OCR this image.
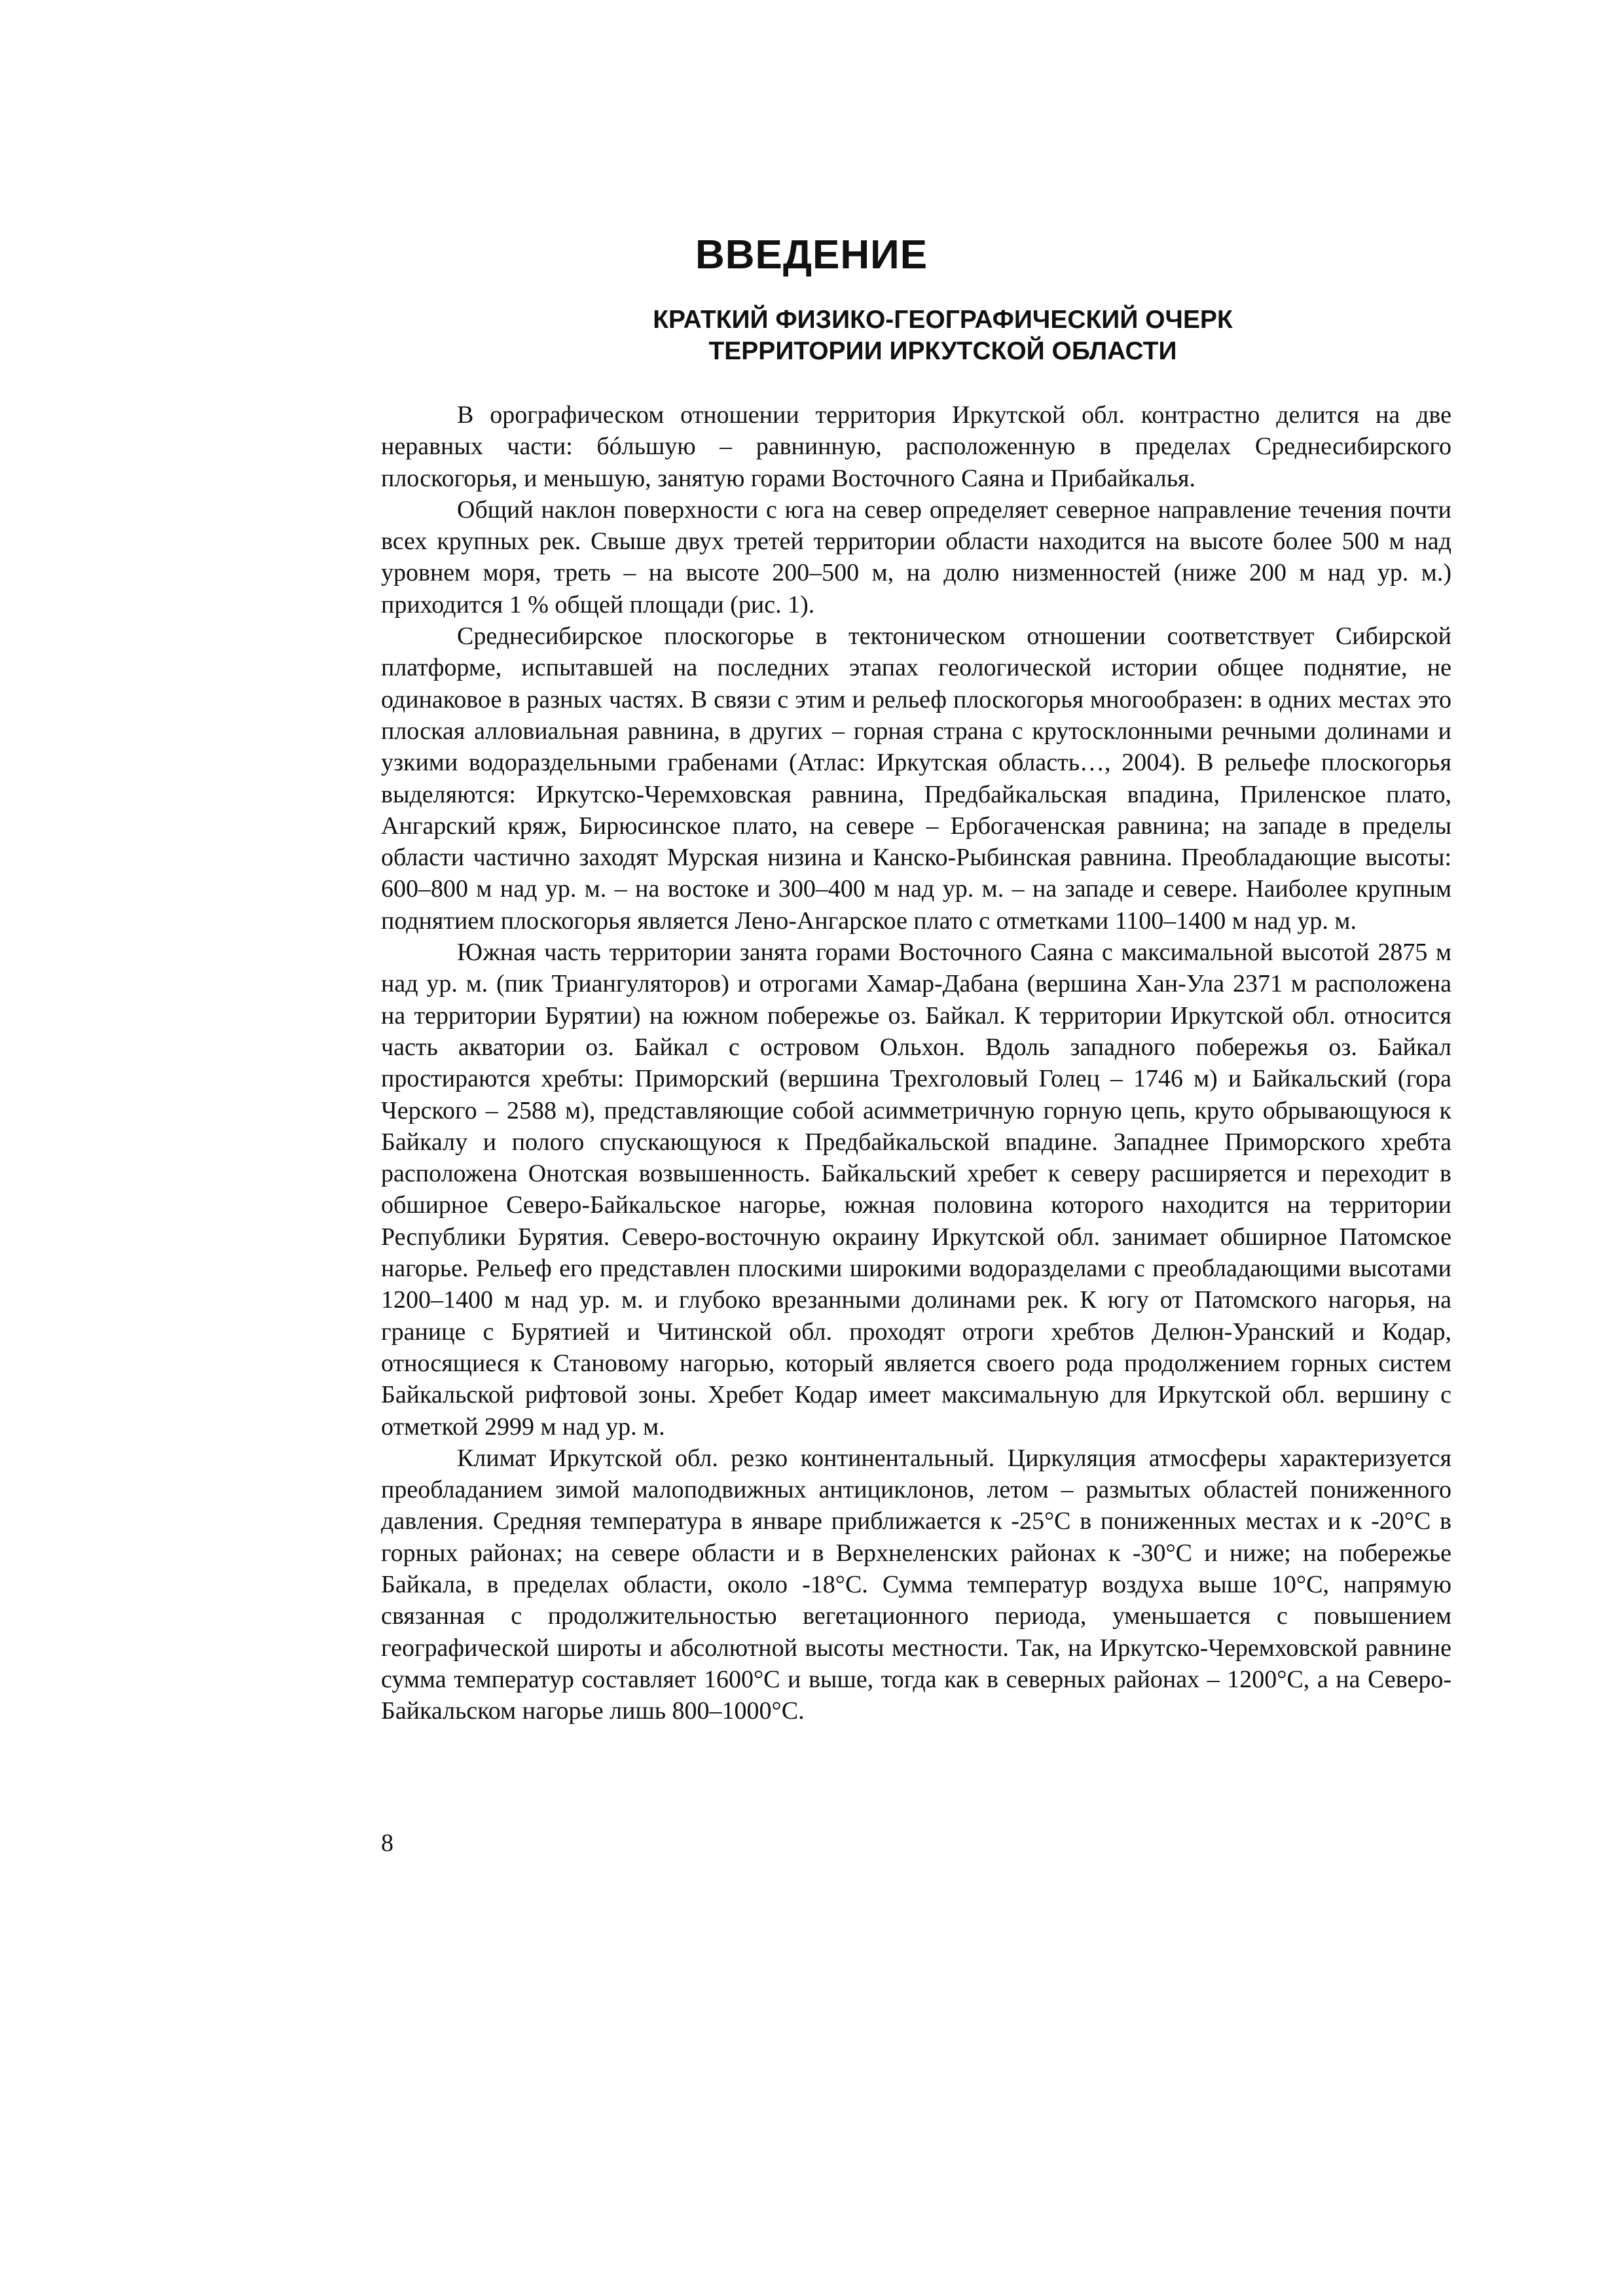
ВВЕДЕНИЕ
КРАТКИЙ ФИЗИКО-ГЕОГРАФИЧЕСКИЙ ОЧЕРК
ТЕРРИТОРИИ ИРКУТСКОЙ ОБЛАСТИ

В орографическом отношении территория Иркутской обл. контрастно делится на две неравных части: бóльшую – равнинную, расположенную в пределах Среднесибирского плоскогорья, и меньшую, занятую горами Восточного Саяна и Прибайкалья.

Общий наклон поверхности с юга на север определяет северное направление течения почти всех крупных рек. Свыше двух третей территории области находится на высоте более 500 м над уровнем моря, треть – на высоте 200–500 м, на долю низменностей (ниже 200 м над ур. м.) приходится 1 % общей площади (рис. 1).

Среднесибирское плоскогорье в тектоническом отношении соответствует Сибирской платформе, испытавшей на последних этапах геологической истории общее поднятие, не одинаковое в разных частях. В связи с этим и рельеф плоскогорья многообразен: в одних местах это плоская алловиальная равнина, в других – горная страна с крутосклонными речными долинами и узкими водораздельными грабенами (Атлас: Иркутская область…, 2004). В рельефе плоскогорья выделяются: Иркутско-Черемховская равнина, Предбайкальская впадина, Приленское плато, Ангарский кряж, Бирюсинское плато, на севере – Ербогаченская равнина; на западе в пределы области частично заходят Мурская низина и Канско-Рыбинская равнина. Преобладающие высоты: 600–800 м над ур. м. – на востоке и 300–400 м над ур. м. – на западе и севере. Наиболее крупным поднятием плоскогорья является Лено-Ангарское плато с отметками 1100–1400 м над ур. м.

Южная часть территории занята горами Восточного Саяна с максимальной высотой 2875 м над ур. м. (пик Триангуляторов) и отрогами Хамар-Дабана (вершина Хан-Ула 2371 м расположена на территории Бурятии) на южном побережье оз. Байкал. К территории Иркутской обл. относится часть акватории оз. Байкал с островом Ольхон. Вдоль западного побережья оз. Байкал простираются хребты: Приморский (вершина Трехголовый Голец – 1746 м) и Байкальский (гора Черского – 2588 м), представляющие собой асимметричную горную цепь, круто обрывающуюся к Байкалу и полого спускающуюся к Предбайкальской впадине. Западнее Приморского хребта расположена Онотская возвышенность. Байкальский хребет к северу расширяется и переходит в обширное Северо-Байкальское нагорье, южная половина которого находится на территории Республики Бурятия. Северо-восточную окраину Иркутской обл. занимает обширное Патомское нагорье. Рельеф его представлен плоскими широкими водоразделами с преобладающими высотами 1200–1400 м над ур. м. и глубоко врезанными долинами рек. К югу от Патомского нагорья, на границе с Бурятией и Читинской обл. проходят отроги хребтов Делюн-Уранский и Кодар, относящиеся к Становому нагорью, который является своего рода продолжением горных систем Байкальской рифтовой зоны. Хребет Кодар имеет максимальную для Иркутской обл. вершину с отметкой 2999 м над ур. м.

Климат Иркутской обл. резко континентальный. Циркуляция атмосферы характеризуется преобладанием зимой малоподвижных антициклонов, летом – размытых областей пониженного давления. Средняя температура в январе приближается к -25°С в пониженных местах и к -20°С в горных районах; на севере области и в Верхнеленских районах к -30°С и ниже; на побережье Байкала, в пределах области, около -18°С. Сумма температур воздуха выше 10°С, напрямую связанная с продолжительностью вегетационного периода, уменьшается с повышением географической широты и абсолютной высоты местности. Так, на Иркутско-Черемховской равнине сумма температур составляет 1600°С и выше, тогда как в северных районах – 1200°С, а на Северо-Байкальском нагорье лишь 800–1000°С.

8
